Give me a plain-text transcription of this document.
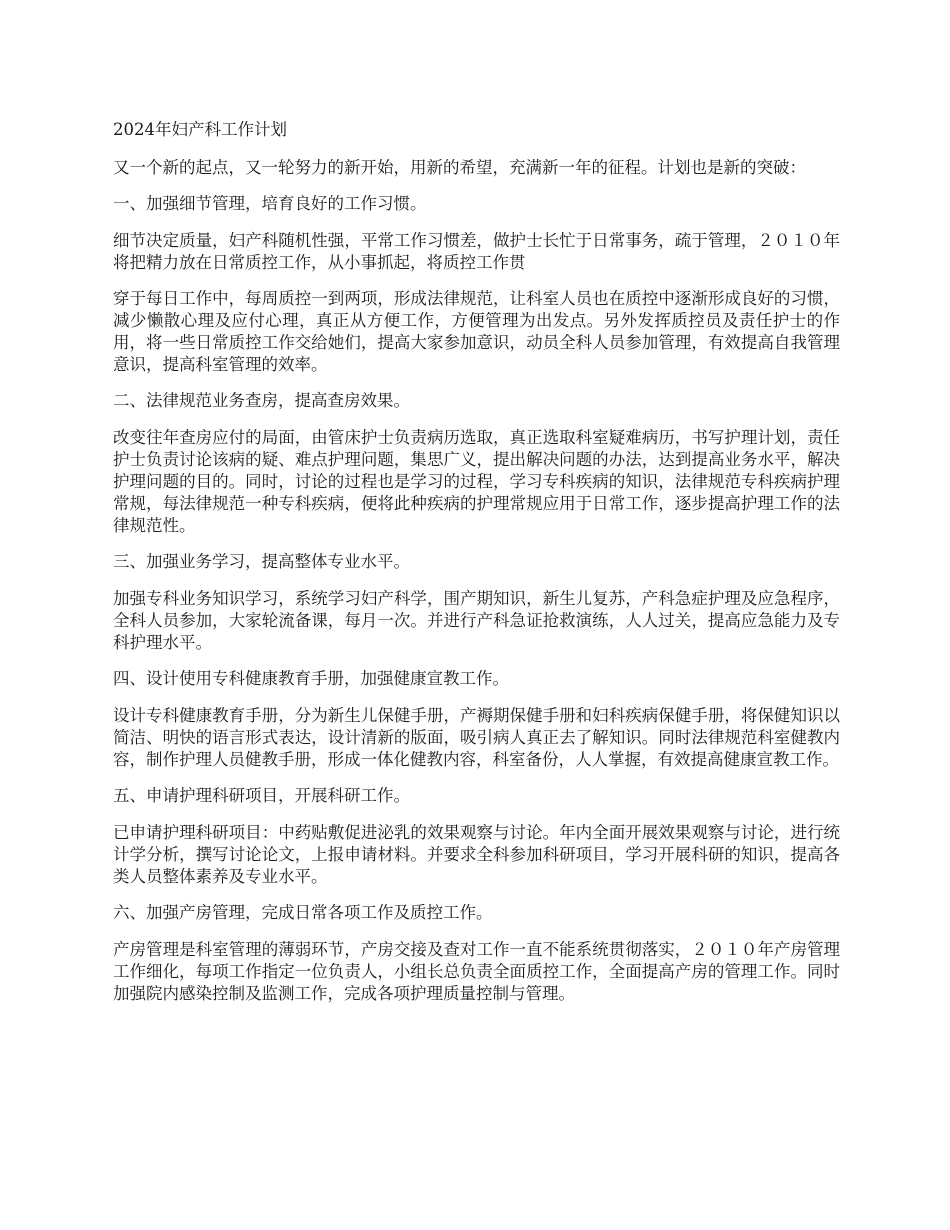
2024年妇产科工作计划

又一个新的起点，又一轮努力的新开始，用新的希望，充满新一年的征程。计划也是新的突破：

一、加强细节管理，培育良好的工作习惯。

细节决定质量，妇产科随机性强，平常工作习惯差，做护士长忙于日常事务，疏于管理，２０１０年将把精力放在日常质控工作，从小事抓起，将质控工作贯

穿于每日工作中，每周质控一到两项，形成法律规范，让科室人员也在质控中逐渐形成良好的习惯，减少懒散心理及应付心理，真正从方便工作，方便管理为出发点。另外发挥质控员及责任护士的作用，将一些日常质控工作交给她们，提高大家参加意识，动员全科人员参加管理，有效提高自我管理意识，提高科室管理的效率。

二、法律规范业务查房，提高查房效果。

改变往年查房应付的局面，由管床护士负责病历选取，真正选取科室疑难病历，书写护理计划，责任护士负责讨论该病的疑、难点护理问题，集思广义，提出解决问题的办法，达到提高业务水平，解决护理问题的目的。同时，讨论的过程也是学习的过程，学习专科疾病的知识，法律规范专科疾病护理常规，每法律规范一种专科疾病，便将此种疾病的护理常规应用于日常工作，逐步提高护理工作的法律规范性。

三、加强业务学习，提高整体专业水平。

加强专科业务知识学习，系统学习妇产科学，围产期知识，新生儿复苏，产科急症护理及应急程序，全科人员参加，大家轮流备课，每月一次。并进行产科急证抢救演练，人人过关，提高应急能力及专科护理水平。

四、设计使用专科健康教育手册，加强健康宣教工作。

设计专科健康教育手册，分为新生儿保健手册，产褥期保健手册和妇科疾病保健手册，将保健知识以简洁、明快的语言形式表达，设计清新的版面，吸引病人真正去了解知识。同时法律规范科室健教内容，制作护理人员健教手册，形成一体化健教内容，科室备份，人人掌握，有效提高健康宣教工作。

五、申请护理科研项目，开展科研工作。

已申请护理科研项目：中药贴敷促进泌乳的效果观察与讨论。年内全面开展效果观察与讨论，进行统计学分析，撰写讨论论文，上报申请材料。并要求全科参加科研项目，学习开展科研的知识，提高各类人员整体素养及专业水平。

六、加强产房管理，完成日常各项工作及质控工作。

产房管理是科室管理的薄弱环节，产房交接及查对工作一直不能系统贯彻落实，２０１０年产房管理工作细化，每项工作指定一位负责人，小组长总负责全面质控工作，全面提高产房的管理工作。同时加强院内感染控制及监测工作，完成各项护理质量控制与管理。
